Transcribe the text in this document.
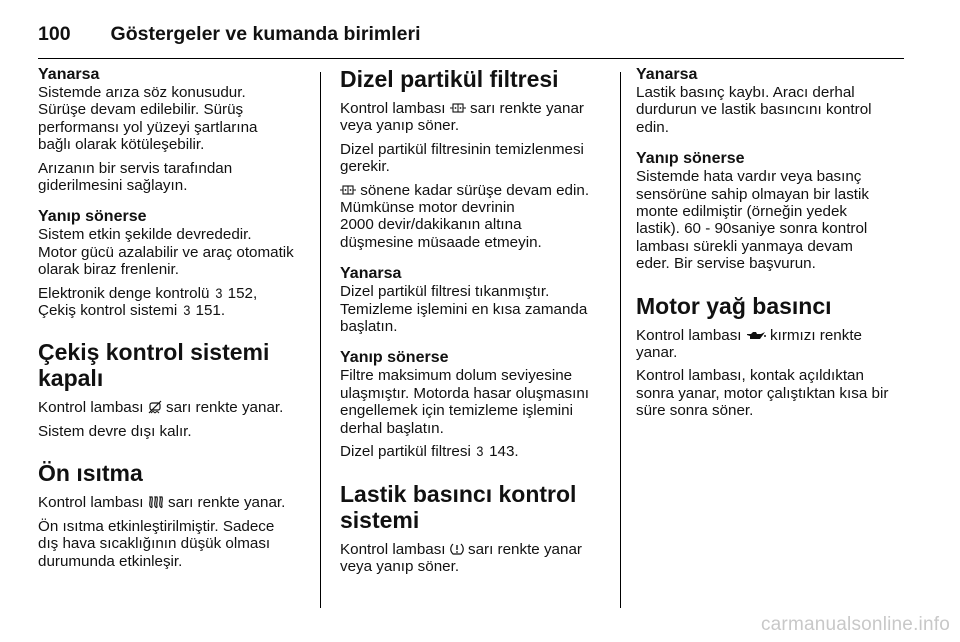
100 Göstergeler ve kumanda birimleri

Yanarsa

Sistemde arıza söz konusudur.
Sürüşe devam edilebilir. Sürüş
performansı yol yüzeyi şartlarına
bağlı olarak kötüleşebilir.

Arızanın bir servis tarafından
giderilmesini sağlayın.

Yanıp sönerse

Sistem etkin şekilde devrededir.
Motor gücü azalabilir ve araç otomatik
olarak biraz frenlenir.

Elektronik denge kontrolü 3 152,
Çekiş kontrol sistemi 3 151.

Çekiş kontrol sistemi
kapalı

Kontrol lambası sarı renkte yanar.

Sistem devre dışı kalır.

Ön ısıtma

Kontrol lambası sarı renkte yanar.

Ön ısıtma etkinleştirilmiştir. Sadece
dış hava sıcaklığının düşük olması
durumunda etkinleşir.

Dizel partikül filtresi

Kontrol lambası sarı renkte yanar
veya yanıp söner.

Dizel partikül filtresinin temizlenmesi
gerekir.

sönene kadar sürüşe devam edin.
Mümkünse motor devrinin
2000 devir/dakikanın altına
düşmesine müsaade etmeyin.

Yanarsa

Dizel partikül filtresi tıkanmıştır.
Temizleme işlemini en kısa zamanda
başlatın.

Yanıp sönerse

Filtre maksimum dolum seviyesine
ulaşmıştır. Motorda hasar oluşmasını
engellemek için temizleme işlemini
derhal başlatın.

Dizel partikül filtresi 3 143.

Lastik basıncı kontrol
sistemi

Kontrol lambası sarı renkte yanar
veya yanıp söner.

Yanarsa

Lastik basınç kaybı. Aracı derhal
durdurun ve lastik basıncını kontrol
edin.

Yanıp sönerse

Sistemde hata vardır veya basınç
sensörüne sahip olmayan bir lastik
monte edilmiştir (örneğin yedek
lastik). 60 - 90saniye sonra kontrol
lambası sürekli yanmaya devam
eder. Bir servise başvurun.

Motor yağ basıncı

Kontrol lambası kırmızı renkte
yanar.

Kontrol lambası, kontak açıldıktan
sonra yanar, motor çalıştıktan kısa bir
süre sonra söner.

carmanualsonline.info
